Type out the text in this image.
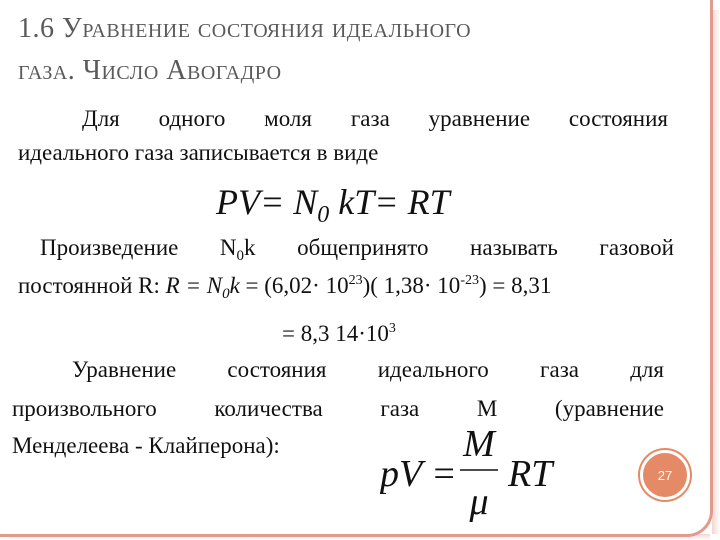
1.6 Уравнение состояния идеального
газа. Число Авогадро
Для одного моля газа уравнение состояния
идеального газа записывается в виде
$PV= N_0$ kT= RT
Произведение $N_0k$ общепринято называть газовой
постоянной R: $R = N_0k = (6,02\cdot 10^{23})$( $1,38\cdot 10^{-23}) = 8,31$
= 8,3 $14\cdot 10^3$
Уравнение состояния идеального газа для
произвольного количества газа М (уравнение
Менделеева - Клайперона):
pV =
M
μ
RT	27
